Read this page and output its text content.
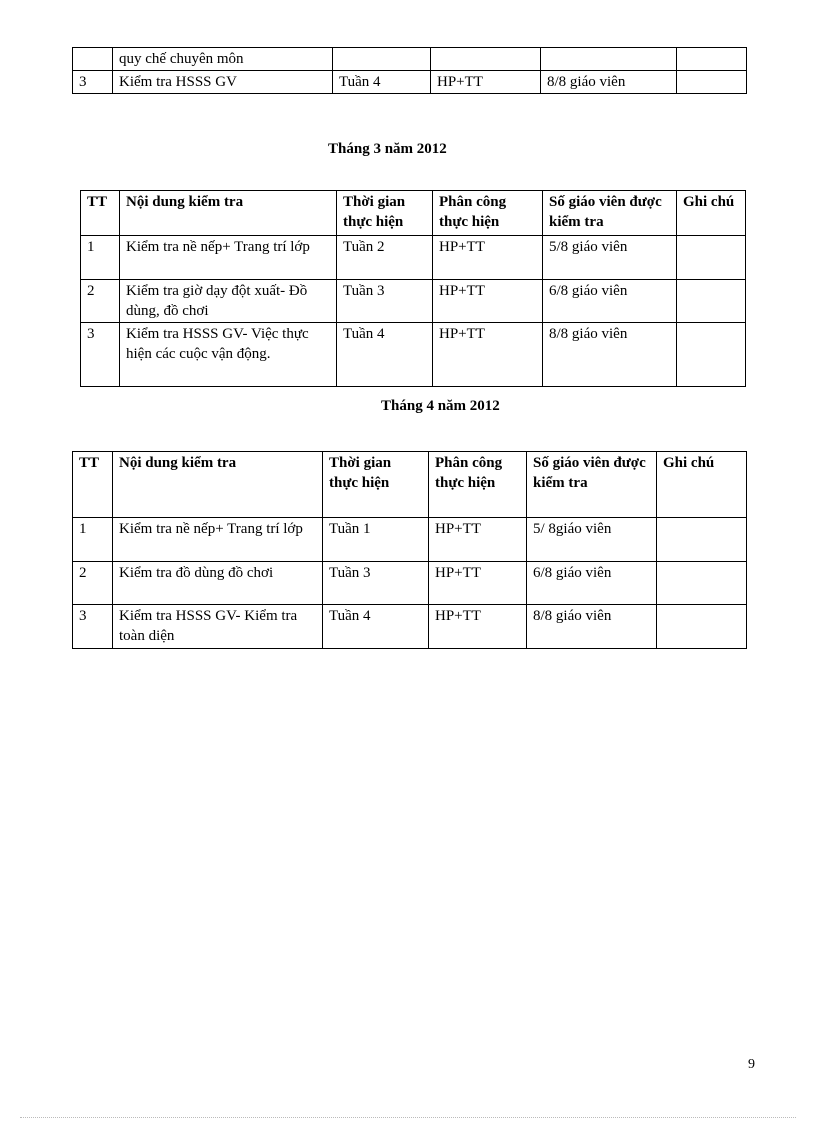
	quy chế chuyên môn				
3	Kiểm tra HSSS GV	Tuần 4	HP+TT	8/8 giáo viên	
Tháng 3 năm 2012
TT	Nội dung kiểm tra	Thời gian thực hiện	Phân công thực hiện	Số giáo viên được kiểm tra	Ghi chú
1	Kiểm tra nề nếp+ Trang trí lớp	Tuần 2	HP+TT	5/8 giáo viên	
2	Kiểm tra giờ dạy đột xuất- Đồ dùng, đồ chơi	Tuần 3	HP+TT	6/8 giáo viên	
3	Kiểm tra HSSS GV- Việc thực hiện các cuộc vận động.	Tuần 4	HP+TT	8/8 giáo viên	
Tháng 4 năm 2012
TT	Nội dung kiểm tra	Thời gian thực hiện	Phân công thực hiện	Số giáo viên được kiểm tra	Ghi chú
1	Kiểm tra nề nếp+ Trang trí lớp	Tuần 1	HP+TT	5/ 8giáo viên	
2	Kiểm tra đồ dùng đồ chơi	Tuần 3	HP+TT	6/8 giáo viên	
3	Kiểm tra HSSS GV- Kiểm tra toàn diện	Tuần 4	HP+TT	8/8 giáo viên	
9
